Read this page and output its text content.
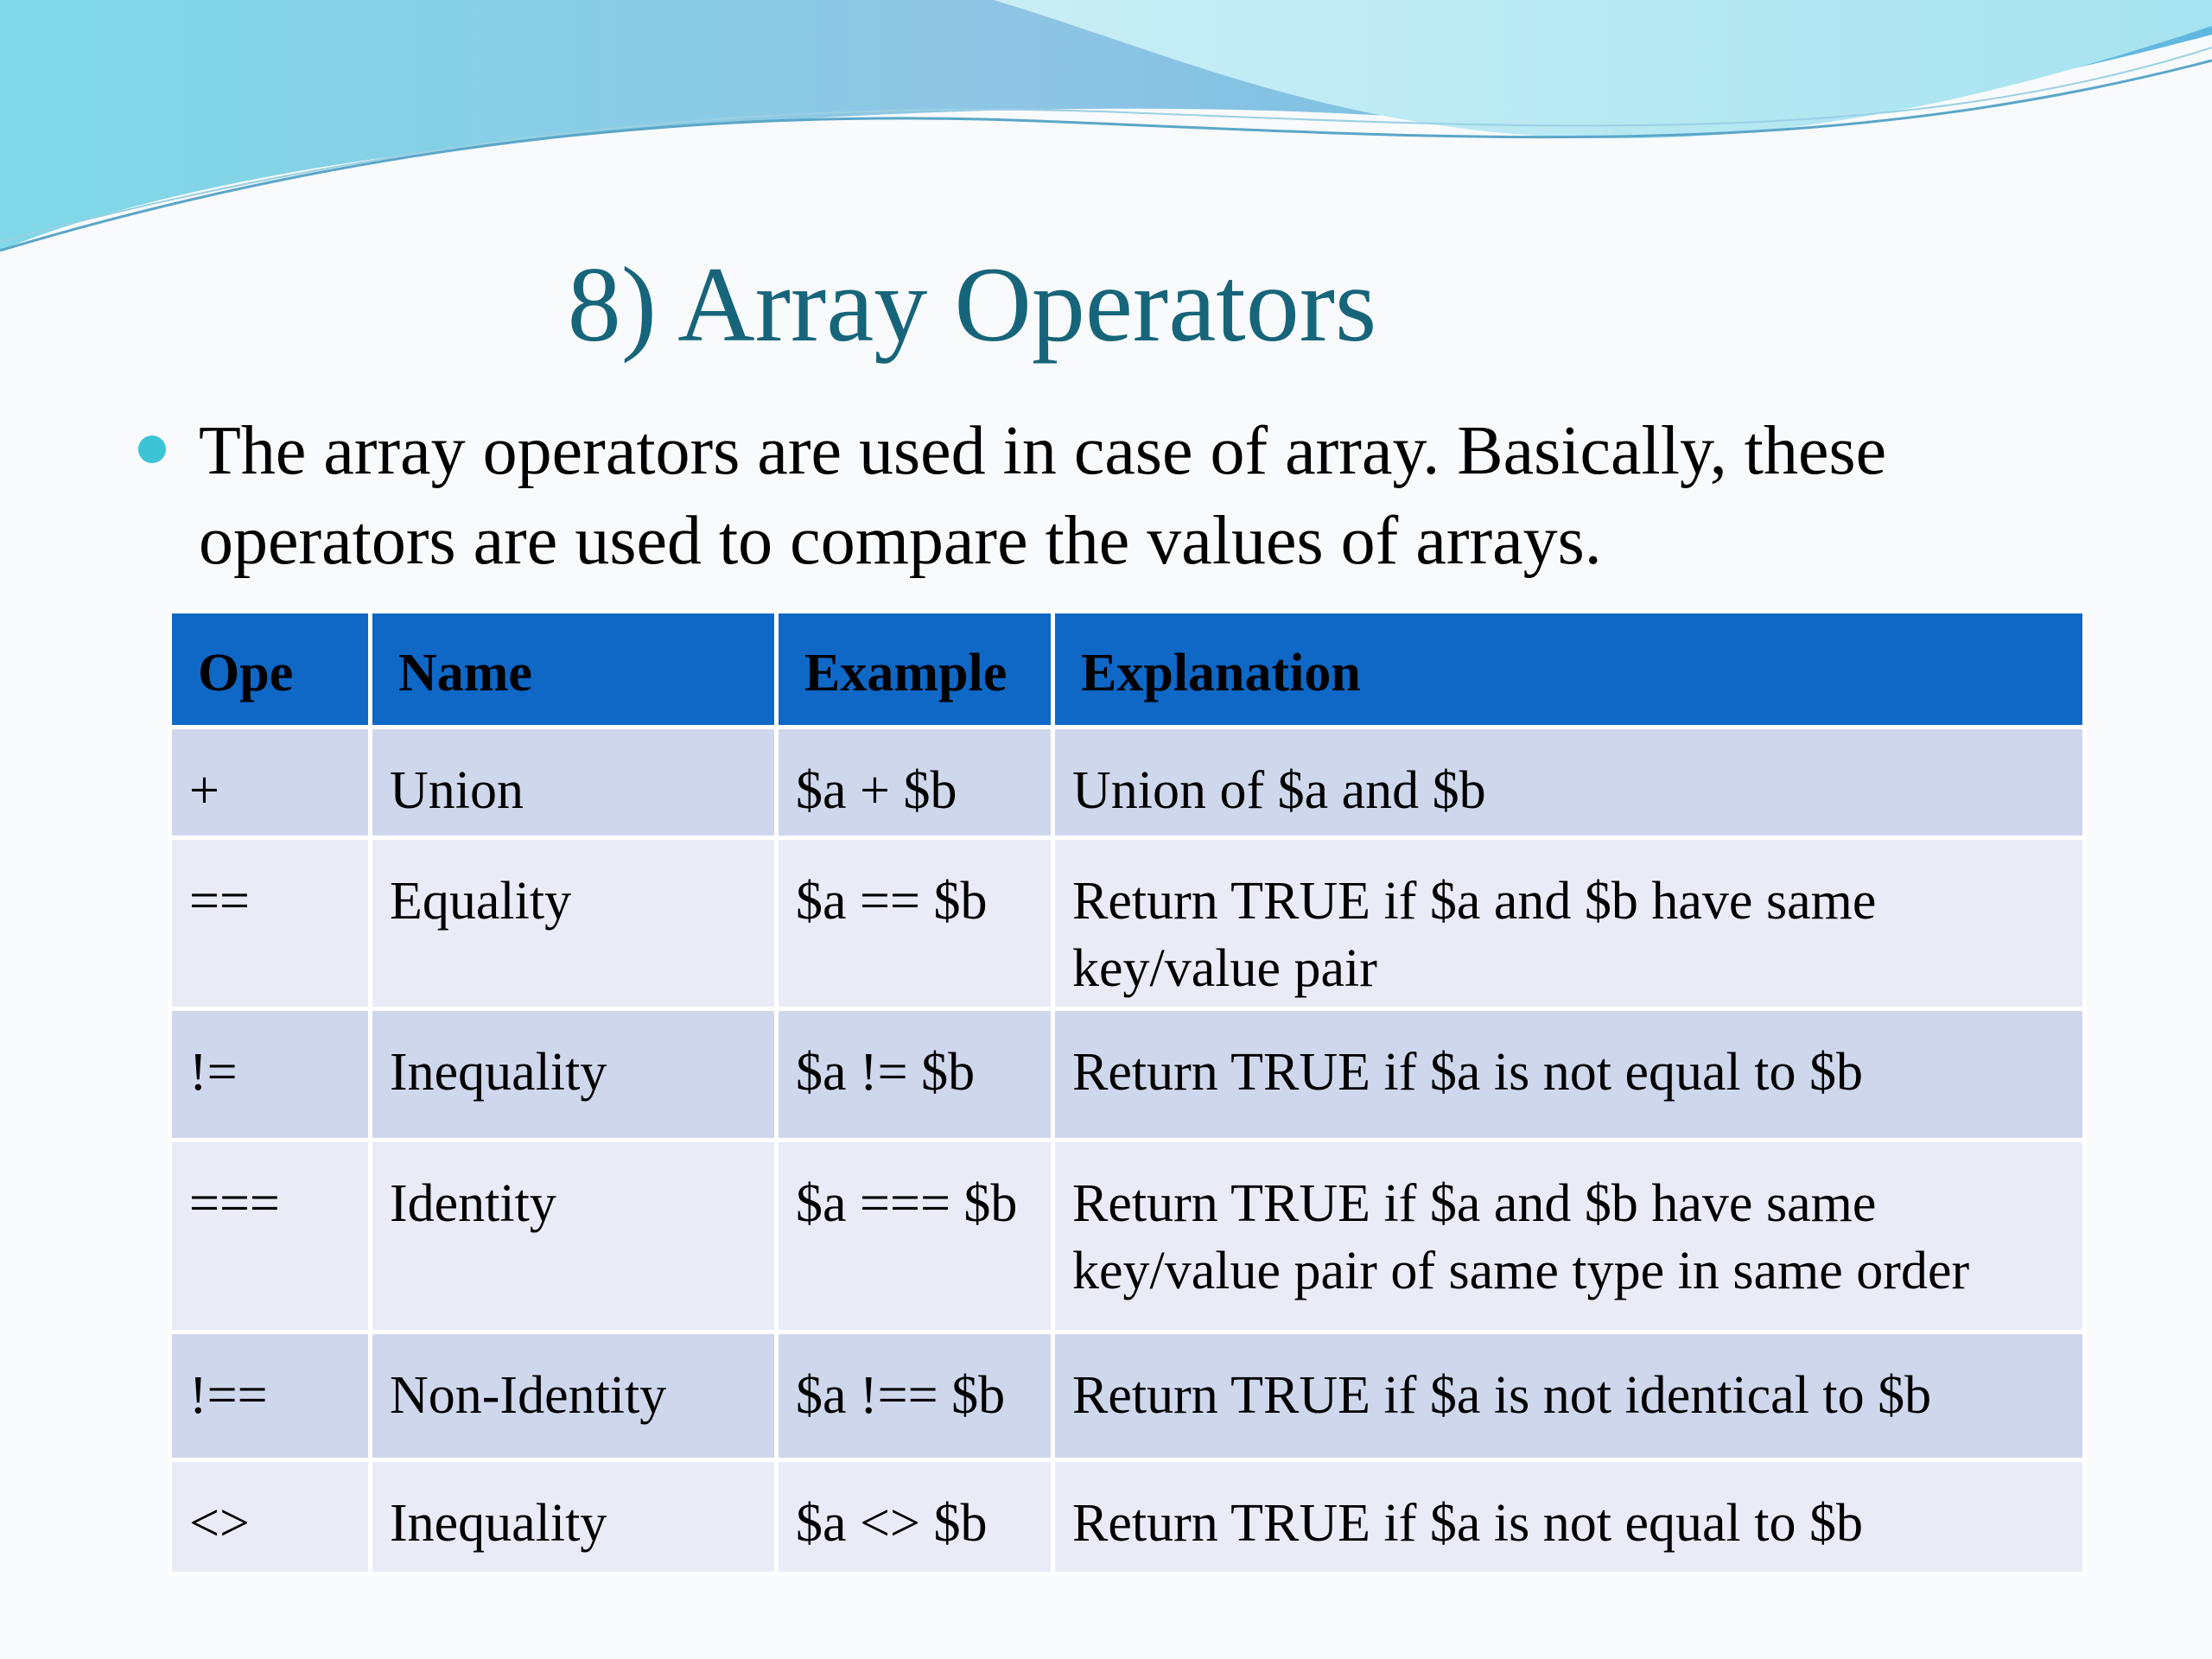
8) Array Operators

The array operators are used in case of array. Basically, these operators are used to compare the values of arrays.

Ope	Name	Example	Explanation
+	Union	$a + $b	Union of $a and $b
==	Equality	$a == $b	Return TRUE if $a and $b have same key/value pair
!=	Inequality	$a != $b	Return TRUE if $a is not equal to $b
===	Identity	$a === $b	Return TRUE if $a and $b have same key/value pair of same type in same order
!==	Non-Identity	$a !== $b	Return TRUE if $a is not identical to $b
<>	Inequality	$a <> $b	Return TRUE if $a is not equal to $b
